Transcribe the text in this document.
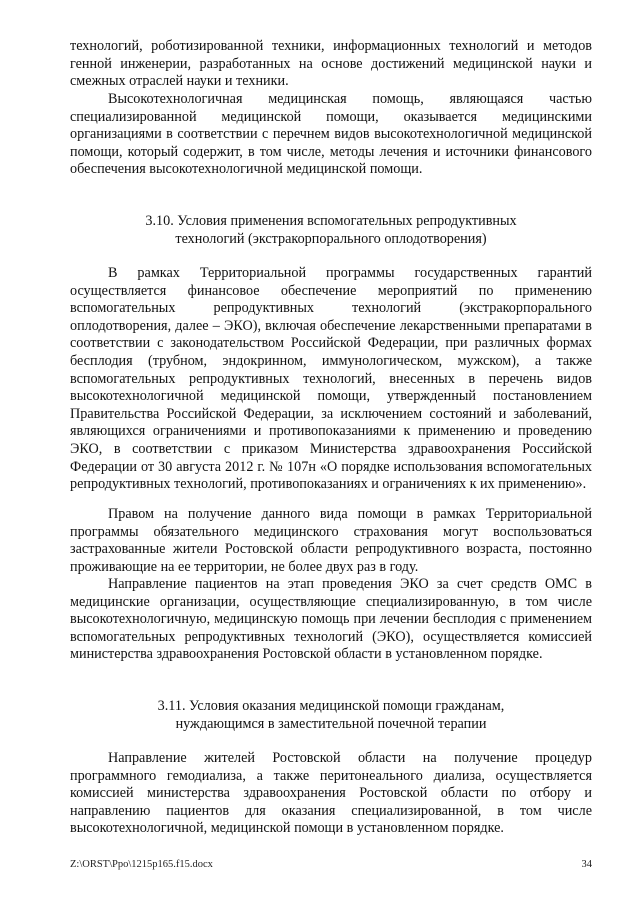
технологий, роботизированной техники, информационных технологий и методов генной инженерии, разработанных на основе достижений медицинской науки и смежных отраслей науки и техники.

Высокотехнологичная медицинская помощь, являющаяся частью специализированной медицинской помощи, оказывается медицинскими организациями в соответствии с перечнем видов высокотехнологичной медицинской помощи, который содержит, в том числе, методы лечения и источники финансового обеспечения высокотехнологичной медицинской помощи.

3.10. Условия применения вспомогательных репродуктивных
технологий (экстракорпорального оплодотворения)

В рамках Территориальной программы государственных гарантий осуществляется финансовое обеспечение мероприятий по применению вспомогательных репродуктивных технологий (экстракорпорального оплодотворения, далее – ЭКО), включая обеспечение лекарственными препаратами в соответствии с законодательством Российской Федерации, при различных формах бесплодия (трубном, эндокринном, иммунологическом, мужском), а также вспомогательных репродуктивных технологий, внесенных в перечень видов высокотехнологичной медицинской помощи, утвержденный постановлением Правительства Российской Федерации, за исключением состояний и заболеваний, являющихся ограничениями и противопоказаниями к применению и проведению ЭКО, в соответствии с приказом Министерства здравоохранения Российской Федерации от 30 августа 2012 г. № 107н «О порядке использования вспомогательных репродуктивных технологий, противопоказаниях и ограничениях к их применению».

Правом на получение данного вида помощи в рамках Территориальной программы обязательного медицинского страхования могут воспользоваться застрахованные жители Ростовской области репродуктивного возраста, постоянно проживающие на ее территории, не более двух раз в году.

Направление пациентов на этап проведения ЭКО за счет средств ОМС в медицинские организации, осуществляющие специализированную, в том числе высокотехнологичную, медицинскую помощь при лечении бесплодия с применением вспомогательных репродуктивных технологий (ЭКО), осуществляется комиссией министерства здравоохранения Ростовской области в установленном порядке.

3.11. Условия оказания медицинской помощи гражданам,
нуждающимся в заместительной почечной терапии

Направление жителей Ростовской области на получение процедур программного гемодиализа, а также перитонеального диализа, осуществляется комиссией министерства здравоохранения Ростовской области по отбору и направлению пациентов для оказания специализированной, в том числе высокотехнологичной, медицинской помощи в установленном порядке.

Z:\ORST\Ppo\1215p165.f15.docx	34
